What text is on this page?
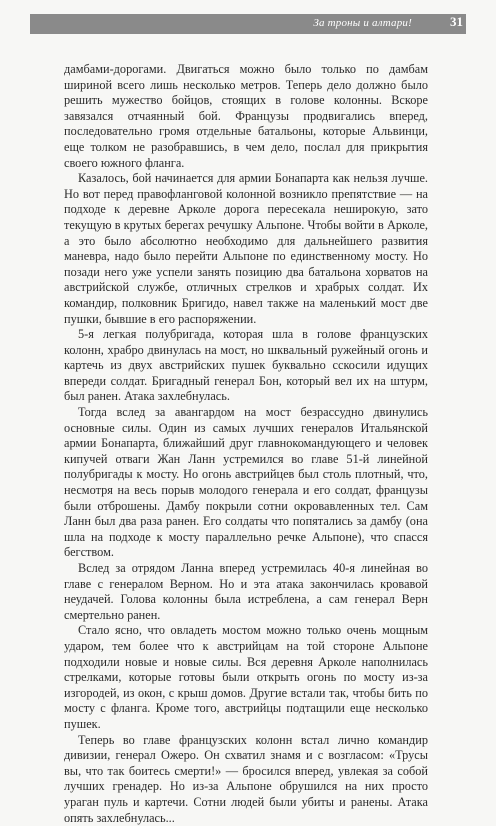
За троны и алтари!	31

дамбами-дорогами. Двигаться можно было только по дамбам шириной всего лишь несколько метров. Теперь дело должно было решить мужество бойцов, стоящих в голове колонны. Вскоре завязался отчаянный бой. Французы продвигались вперед, последовательно громя отдельные батальоны, которые Альвинци, еще толком не разобравшись, в чем дело, послал для прикрытия своего южного фланга.

Казалось, бой начинается для армии Бонапарта как нельзя лучше. Но вот перед правофланговой колонной возникло препятствие — на подходе к деревне Арколе дорога пересекала неширокую, зато текущую в крутых берегах речушку Альпоне. Чтобы войти в Арколе, а это было абсолютно необходимо для дальнейшего развития маневра, надо было перейти Альпоне по единственному мосту. Но позади него уже успели занять позицию два батальона хорватов на австрийской службе, отличных стрелков и храбрых солдат. Их командир, полковник Бригидо, навел также на маленький мост две пушки, бывшие в его распоряжении.

5-я легкая полубригада, которая шла в голове французских колонн, храбро двинулась на мост, но шквальный ружейный огонь и картечь из двух австрийских пушек буквально сскосили идущих впереди солдат. Бригадный генерал Бон, который вел их на штурм, был ранен. Атака захлебнулась.

Тогда вслед за авангардом на мост безрассудно двинулись основные силы. Один из самых лучших генералов Итальянской армии Бонапарта, ближайший друг главнокомандующего и человек кипучей отваги Жан Ланн устремился во главе 51-й линейной полубригады к мосту. Но огонь австрийцев был столь плотный, что, несмотря на весь порыв молодого генерала и его солдат, французы были отброшены. Дамбу покрыли сотни окровавленных тел. Сам Ланн был два раза ранен. Его солдаты что попятались за дамбу (она шла на подходе к мосту параллельно речке Альпоне), что спасся бегством.

Вслед за отрядом Ланна вперед устремилась 40-я линейная во главе с генералом Верном. Но и эта атака закончилась кровавой неудачей. Голова колонны была истреблена, а сам генерал Верн смертельно ранен.

Стало ясно, что овладеть мостом можно только очень мощным ударом, тем более что к австрийцам на той стороне Альпоне подходили новые и новые силы. Вся деревня Арколе наполнилась стрелками, которые готовы были открыть огонь по мосту из-за изгородей, из окон, с крыш домов. Другие встали так, чтобы бить по мосту с фланга. Кроме того, австрийцы подтащили еще несколько пушек.

Теперь во главе французских колонн встал лично командир дивизии, генерал Ожеро. Он схватил знамя и с возгласом: «Трусы вы, что так боитесь смерти!» — бросился вперед, увлекая за собой лучших гренадер. Но из-за Альпоне обрушился на них просто ураган пуль и картечи. Сотни людей были убиты и ранены. Атака опять захлебнулась...
